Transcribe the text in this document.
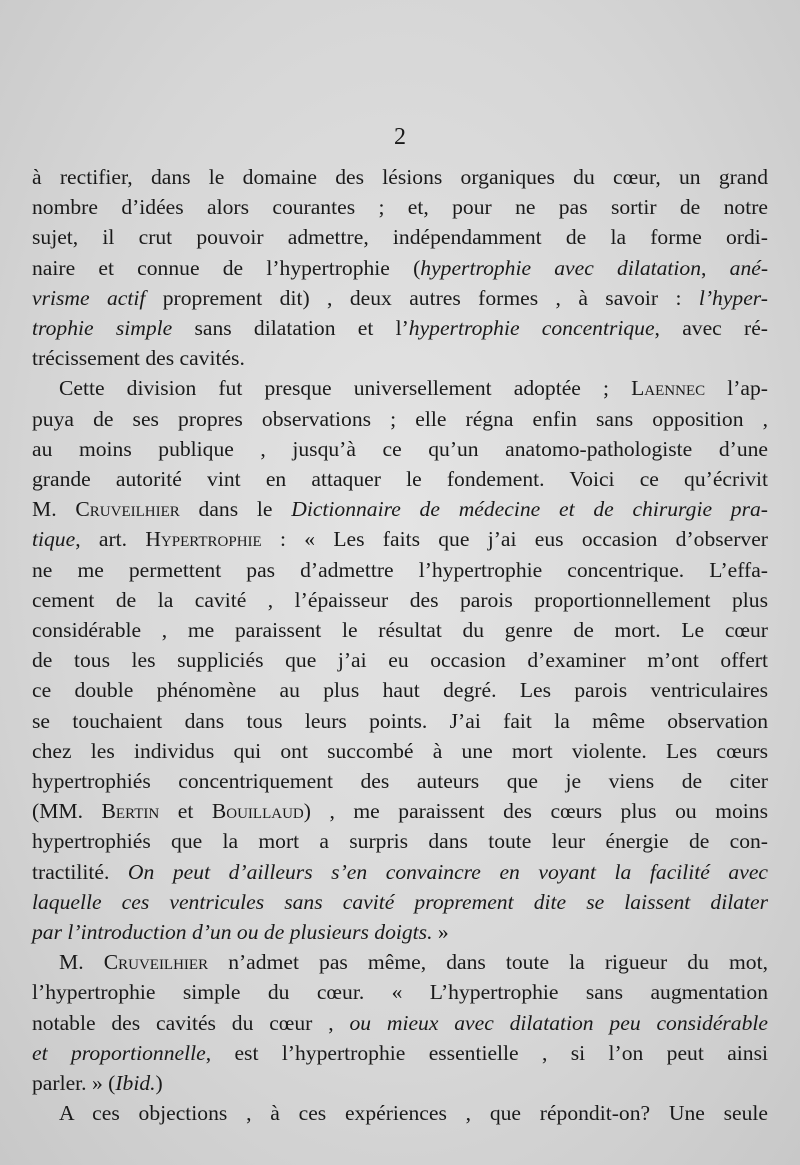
2
à rectifier, dans le domaine des lésions organiques du cœur, un grand
nombre d’idées alors courantes ; et, pour ne pas sortir de notre
sujet, il crut pouvoir admettre, indépendamment de la forme ordi-
naire et connue de l’hypertrophie (hypertrophie avec dilatation, ané-
vrisme actif proprement dit) , deux autres formes , à savoir : l’hyper-
trophie simple sans dilatation et l’hypertrophie concentrique, avec ré-
trécissement des cavités.
Cette division fut presque universellement adoptée ; Laennec l’ap-
puya de ses propres observations ; elle régna enfin sans opposition ,
au moins publique , jusqu’à ce qu’un anatomo-pathologiste d’une
grande autorité vint en attaquer le fondement. Voici ce qu’écrivit
M. Cruveilhier dans le Dictionnaire de médecine et de chirurgie pra-
tique, art. Hypertrophie : « Les faits que j’ai eus occasion d’observer
ne me permettent pas d’admettre l’hypertrophie concentrique. L’effa-
cement de la cavité , l’épaisseur des parois proportionnellement plus
considérable , me paraissent le résultat du genre de mort. Le cœur
de tous les suppliciés que j’ai eu occasion d’examiner m’ont offert
ce double phénomène au plus haut degré. Les parois ventriculaires
se touchaient dans tous leurs points. J’ai fait la même observation
chez les individus qui ont succombé à une mort violente. Les cœurs
hypertrophiés concentriquement des auteurs que je viens de citer
(MM. Bertin et Bouillaud) , me paraissent des cœurs plus ou moins
hypertrophiés que la mort a surpris dans toute leur énergie de con-
tractilité. On peut d’ailleurs s’en convaincre en voyant la facilité avec
laquelle ces ventricules sans cavité proprement dite se laissent dilater
par l’introduction d’un ou de plusieurs doigts. »
M. Cruveilhier n’admet pas même, dans toute la rigueur du mot,
l’hypertrophie simple du cœur. « L’hypertrophie sans augmentation
notable des cavités du cœur , ou mieux avec dilatation peu considérable
et proportionnelle, est l’hypertrophie essentielle , si l’on peut ainsi
parler. » (Ibid.)
A ces objections , à ces expériences , que répondit-on? Une seule
